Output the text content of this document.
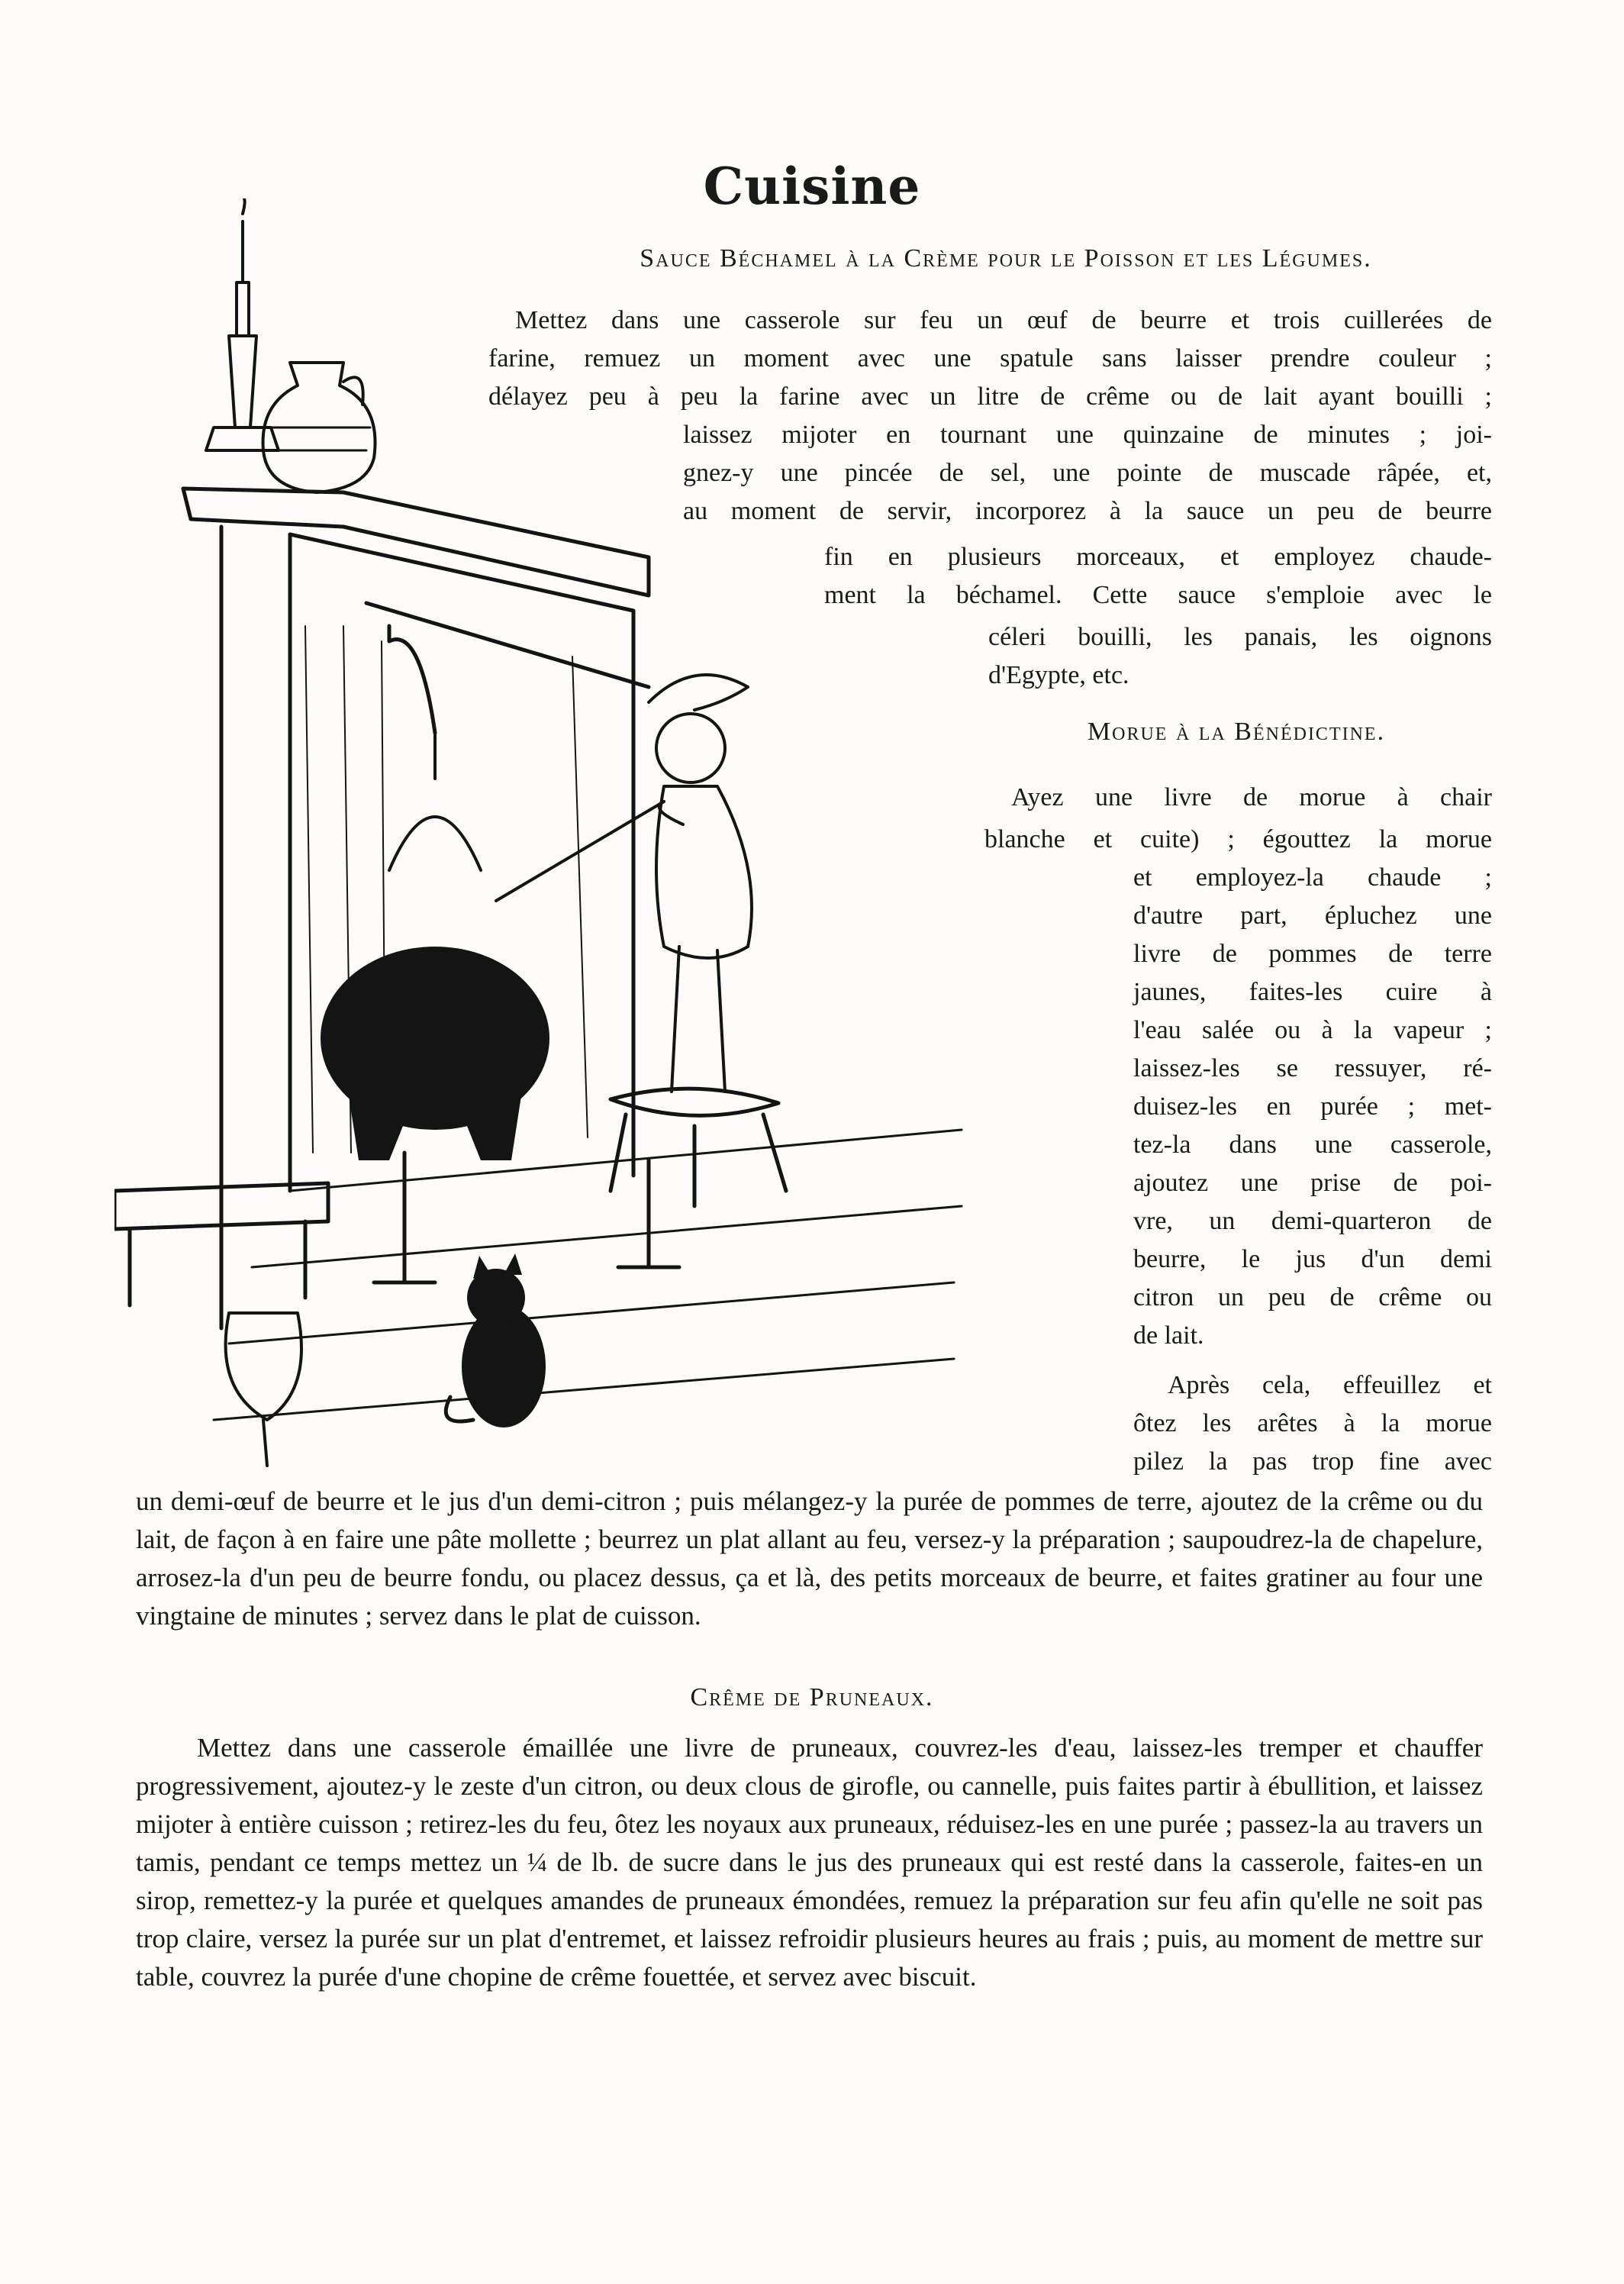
Cuisine
Sauce Béchamel à la Crème pour le Poisson et les Légumes.
Mettez dans une casserole sur feu un œuf de beurre et trois cuillerées de
farine, remuez un moment avec une spatule sans laisser prendre couleur ;
délayez peu à peu la farine avec un litre de crême ou de lait ayant bouilli ;
laissez mijoter en tournant une quinzaine de minutes ; joi-
gnez-y une pincée de sel, une pointe de muscade râpée, et,
au moment de servir, incorporez à la sauce un peu de beurre
fin en plusieurs morceaux, et employez chaude-
ment la béchamel. Cette sauce s'emploie avec le
céleri bouilli, les panais, les oignons
d'Egypte, etc.
Morue à la Bénédictine.
Ayez une livre de morue à chair
blanche et cuite) ; égouttez la morue
et employez-la chaude ;
d'autre part, épluchez une
livre de pommes de terre
jaunes, faites-les cuire à
l'eau salée ou à la vapeur ;
laissez-les se ressuyer, ré-
duisez-les en purée ; met-
tez-la dans une casserole,
ajoutez une prise de poi-
vre, un demi-quarteron de
beurre, le jus d'un demi
citron un peu de crême ou
de lait.
Après cela, effeuillez et
ôtez les arêtes à la morue
pilez la pas trop fine avec
un demi-œuf de beurre et le jus d'un demi-citron ; puis mélangez-y la purée de pommes de terre, ajoutez de la crême ou du lait, de façon à en faire une pâte mollette ; beurrez un plat allant au feu, versez-y la préparation ; saupoudrez-la de chapelure, arrosez-la d'un peu de beurre fondu, ou placez dessus, ça et là, des petits morceaux de beurre, et faites gratiner au four une vingtaine de minutes ; servez dans le plat de cuisson.
Crême de Pruneaux.
Mettez dans une casserole émaillée une livre de pruneaux, couvrez-les d'eau, laissez-les tremper et chauffer progressivement, ajoutez-y le zeste d'un citron, ou deux clous de girofle, ou cannelle, puis faites partir à ébullition, et laissez mijoter à entière cuisson ; retirez-les du feu, ôtez les noyaux aux pruneaux, réduisez-les en une purée ; passez-la au travers un tamis, pendant ce temps mettez un ¼ de lb. de sucre dans le jus des pruneaux qui est resté dans la casserole, faites-en un sirop, remettez-y la purée et quelques amandes de pruneaux émondées, remuez la préparation sur feu afin qu'elle ne soit pas trop claire, versez la purée sur un plat d'entremet, et laissez refroidir plusieurs heures au frais ; puis, au moment de mettre sur table, couvrez la purée d'une chopine de crême fouettée, et servez avec biscuit.
